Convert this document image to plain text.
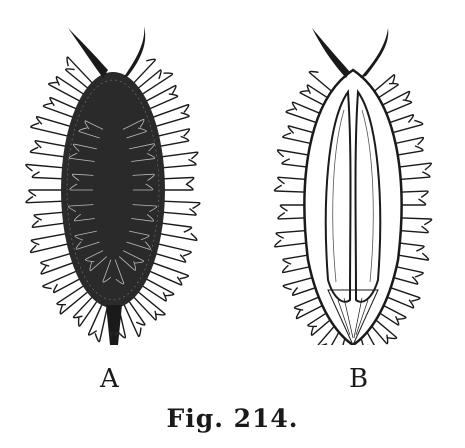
F.H.
A	B
Fig. 214.
